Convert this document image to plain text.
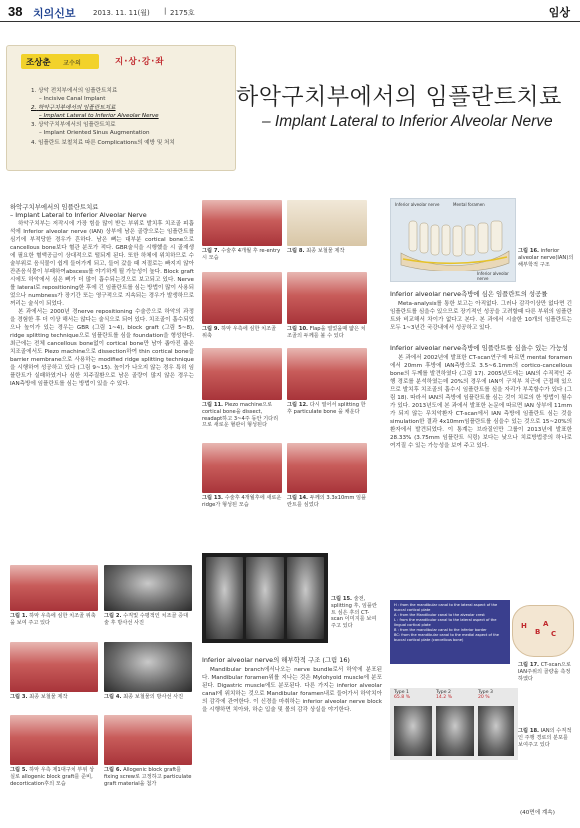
38 치의신보 2013. 11. 11(월) | 2175호	임상
조상춘 교수의	지·상·강·좌
1. 상악 전치부에서의 임플란트치료
– Incisive Canal Implant
2. 하악구치부에서의 임플란트치료
– Implant Lateral to Inferior Alveolar Nerve
3. 상악구치부에서의 임플란트치료
– Implant Oriented Sinus Augmentation
4. 임플란트 보철치료 따른 Complications의 예방 및 처치
하악구치부에서의 임플란트치료
– Implant Lateral to Inferior Alveolar Nerve
하악구치부에서의 임플란트치료
– Implant Lateral to Inferior Alveolar Nerve

하악구치부는 저작시에 가장 힘을 많이 받는 부위로 발치후 치조골 피흡석에 Inferior alveolar nerve (IAN) 상부에 남은 골량으로는 임플란트를 심기에 부적당한 경우가 흔하다. 남은 뼈는 대부분 cortical bone으로 cancellous bone보다 혈관 분포가 적다. GBR술식을 시행했을 시 골재생에 필요한 혈액공급이 상대적으로 떨되게 된다. 또한 하체에 위치하므로 수술부위로 음식물이 쉽게 들어가게 되고, 들어 갔을 때 저절로는 빠지지 않아 잔존음식물이 부패하여abscess를 야기하게 될 가능성이 높다. Block graft시에도 하악에서 심은 뼈가 더 많이 흡수되는것으로 보고되고 있다. Nerve를 lateral로 repositioning한 후에 긴 임플란트를 심는 방법이 많이 사용되었으나 numbness가 장기간 또는 영구적으로 지속되는 경우가 발생하므로 꺼리는 술식이 되었다.

본 과에서는 2000년 경nerve repositioning 수술증으로 하악의 과정을 경험한 후 더 이상 해서는 않다는 술식으로 되어 있다. 치조골이 흡수되었으나 높이가 있는 경우는 GBR (그림 1~4), block graft (그림 5~8), ridge splitting technique으로 임플란트를 심을 foundation을 형성한다. 최근에는 전체 cancellous bone없이 cortical bone만 남아 좁아진 좁은 치조골에서도 Piezo machine으로 dissection하여 thin cortical bone을 barrier membrane으로 사용하는 modified ridge splitting technique을 시행하여 성공하고 있다 (그림 9~15). 높이가 나오지 않는 경우 특히 임플란트가 실패하였거나 심한 치주질환으로 남은 골량이 많지 않은 경우는 IAN측방에 임플란트를 심는 방법이 있을 수 있다.

그림 1. 하악 우측에 심한 치조골 위축을 보여 주고 있다
그림 2. 수직및 수평적인 치조골 증대술 후 방사선 사진
그림 3. 최종 보철물 제작	그림 4. 최종 보철물의 방사선 사진
그림 5. 하악 우측 제1대구치 부위 상실로 allogenic block graft를 준비, decortication후의 모습
그림 6. Allogenic block graft를 fixing screw로 고정하고 particulate graft material을 첨가
그림 7. 수술후 4개월 후 re-entry 시 모습
그림 8. 최종 보철물 제작
그림 9. 하악 우측에 심한 치조골 위축
그림 10. Flap을 열었을때 얇은 치조골의 두께를 볼 수 있다
그림 11. Piezo machine으로 cortical bone을 dissect, readapt하고 3~4주 동안 기다리므로 새로운 혈관이 형성된다
그림 12. 다시 열어서 splitting 한후 particulate bone 을 채운다
그림 13. 수술후 4개월후에 새로운 ridge가 형성된 모습
그림 14. 두께의 3.3x10mm 임플란트를 심었다
그림 15. 술전, splitting 후, 임플란트 심은 후의 CT-scan 이미지를 보여주고 있다
Inferior alveolar nerve의 해부학적 구조 (그림 16)

Mandibular branch에서나오는 nerve bundle로서 하악에 분포된다. Mandibular foramen위를 지나는 것은 Mylohyoid muscle에 분포된다. Digastric muscle에도 분포된다. 다른 가지는 inferior alveolar canal에 위치하는 것으로 Mandibular foramen내로 들어가서 하악치아의 감각에 관여한다. 이 신경을 마취하는 inferior alveolar nerve block을 시행하면 치아와, 하순 입술 및 볼의 감각 상실을 야기한다.

Inferior alveolar nerve	Mental foramen
Inferior alveolar nerve
그림 16. inferior alveolar nerve(IAN)의 해부학적 구조
Inferior alveolar nerve측방에 심은 임플란트의 성공률

Meta-analysis를 통한 보고는 아직없다. 그러나 감각이상만 없다면 긴 임플란트를 심을수 있으므로 장기적인 성공을 고려할때 다른 부위의 임플란트와 비교해서 차이가 없다고 본다. 본 과에서 시술한 10개의 임플란트는 모두 1~3년간 국강내에서 성공하고 있다.

Inferior alveolar nerve측방에 임플란트를 심을수 있는 가능성

본 과에서 2002년에 발표한 CT-scan연구에 따르면 mental foramen에서 20mm 후방에 IAN측방으로 3.5~6.1mm의 cortico-cancellous bone의 두께를 발견하였다 (그림 17). 2005년도에는 IAN의 수직적인 주행 경로를 분석하였는데 20%의 경우에 IAN이 구치부 치근에 근접해 있으므로 발치후 치조골의 흡수시 임플란트를 심을 자리가 부족할수가 있다 (그림 18). 따라서 IAN의 측방에 임플란트를 심는 것이 치료의 한 방법이 될수가 있다. 2013년도에 본 과에서 발표한 논문에 따르면 IAN 상부에 11mm가 되지 않는 무치악환자 CT-scan에서 IAN 측방에 임플란트 심는 것을 simulation한 결과 4x10mm임플란트를 심을수 있는 것으로 15~20%의 환자에서 발견되었다. 이 통계는 브라질인만 그룹이 2013년에 발표한 28.33% (3.75mm 임플란트 식링) 보다는 낮으나 치료방법중의 하나로 여겨질 수 있는 가능성을 보여 주고 있다.

H : from the mandibular canal to the lateral aspect of the buccal cortical plate
A : from the Mandibular canal to the alveolar crest
L : from the mandibular canal to the lateral aspect of the lingual cortical plate
B : from the mandibular canal to the inferior border
BC: from the mandibular canal to the medial aspect of the buccal cortical plate (cancellous bone)
H
B
A
C
그림 17. CT-scan으로 IAN주위의 골량을 측정하였다
Type 1
65.8 %
Type 2
14.2 %
Type 3
20 %
그림 18. IAN의 수직적인 주행 경로의 분포를 보여주고 있다
(40면에 계속)
